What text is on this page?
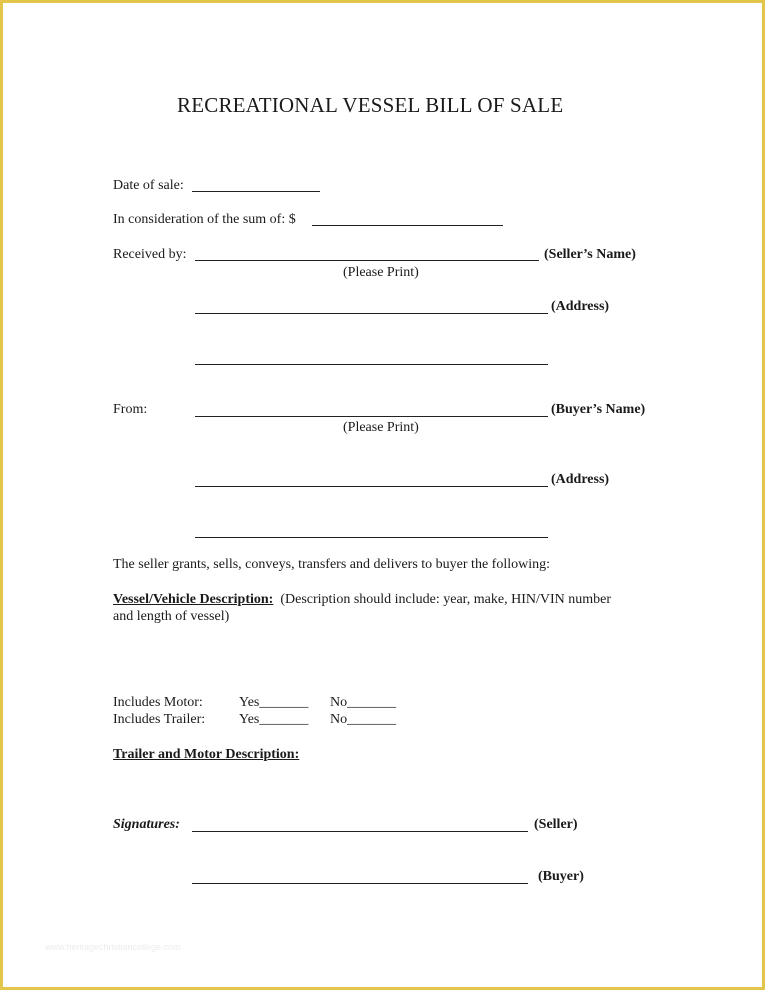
RECREATIONAL VESSEL BILL OF SALE
Date of sale:
In consideration of the sum of: $
Received by:	(Seller’s Name)
(Please Print)
(Address)
From:	(Buyer’s Name)
(Please Print)
(Address)
The seller grants, sells, conveys, transfers and delivers to buyer the following:
Vessel/Vehicle Description: (Description should include: year, make, HIN/VIN number
and length of vessel)
Includes Motor:	Yes_______ No_______
Includes Trailer: Yes_______ No_______
Trailer and Motor Description:
Signatures:	(Seller)
(Buyer)
www.heritagechristiancollege.com
